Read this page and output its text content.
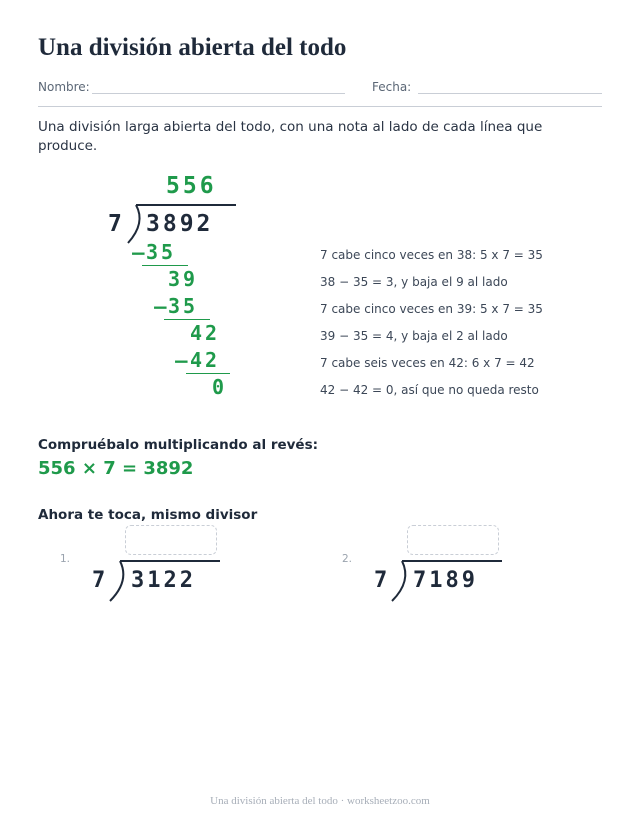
Una división abierta del todo
Nombre:	Fecha:

Una división larga abierta del todo, con una nota al lado de cada línea que produce.

556
7 3892
− 35
39
− 35
42
− 42
0
7 cabe cinco veces en 38: 5 x 7 = 35
38 − 35 = 3, y baja el 9 al lado
7 cabe cinco veces en 39: 5 x 7 = 35
39 − 35 = 4, y baja el 2 al lado
7 cabe seis veces en 42: 6 x 7 = 42
42 − 42 = 0, así que no queda resto
Compruébalo multiplicando al revés:
556 × 7 = 3892
Ahora te toca, mismo divisor
1.
7 3122
2.
7 7189
Una división abierta del todo · worksheetzoo.com
